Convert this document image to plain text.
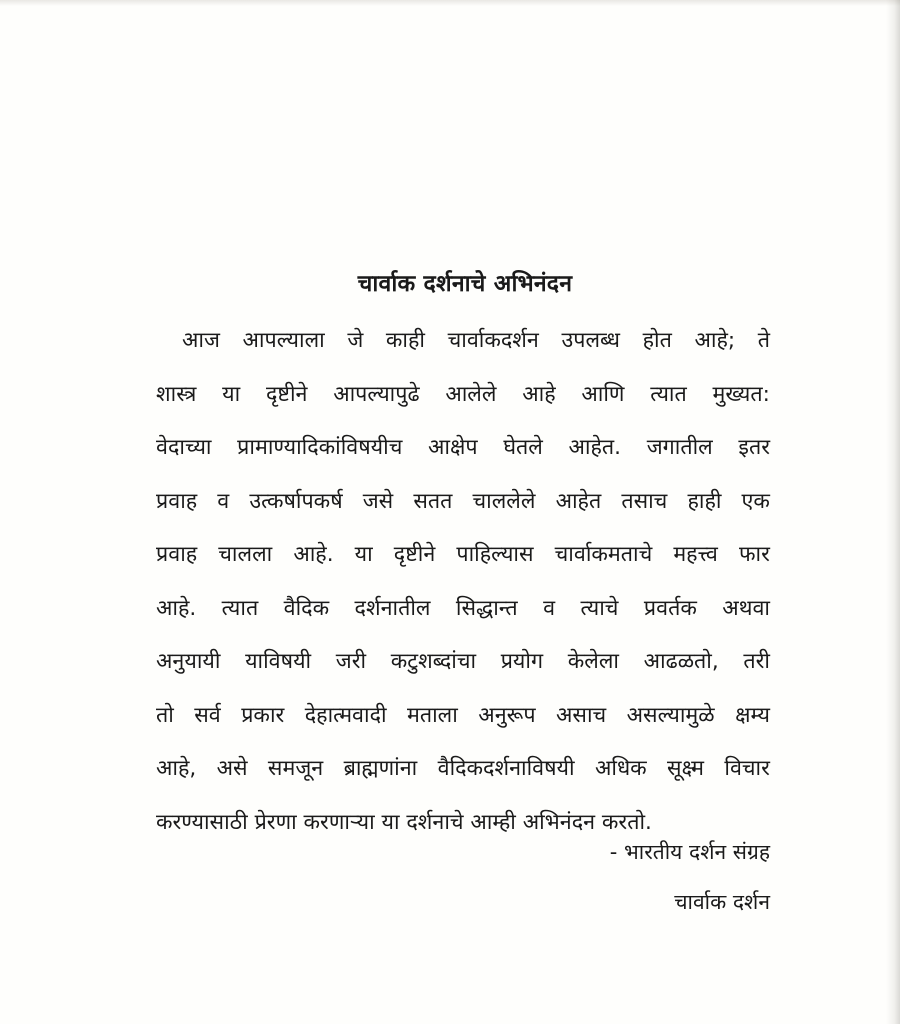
चार्वाक दर्शनाचे अभिनंदन
आज आपल्याला जे काही चार्वाकदर्शन उपलब्ध होत आहे; ते
शास्त्र या दृष्टीने आपल्यापुढे आलेले आहे आणि त्यात मुख्यत:
वेदाच्या प्रामाण्यादिकांविषयीच आक्षेप घेतले आहेत. जगातील इतर
प्रवाह व उत्कर्षापकर्ष जसे सतत चाललेले आहेत तसाच हाही एक
प्रवाह चालला आहे. या दृष्टीने पाहिल्यास चार्वाकमताचे महत्त्व फार
आहे. त्यात वैदिक दर्शनातील सिद्धान्त व त्याचे प्रवर्तक अथवा
अनुयायी याविषयी जरी कटुशब्दांचा प्रयोग केलेला आढळतो, तरी
तो सर्व प्रकार देहात्मवादी मताला अनुरूप असाच असल्यामुळे क्षम्य
आहे, असे समजून ब्राह्मणांना वैदिकदर्शनाविषयी अधिक सूक्ष्म विचार
करण्यासाठी प्रेरणा करणाऱ्या या दर्शनाचे आम्ही अभिनंदन करतो.
- भारतीय दर्शन संग्रह
चार्वाक दर्शन
